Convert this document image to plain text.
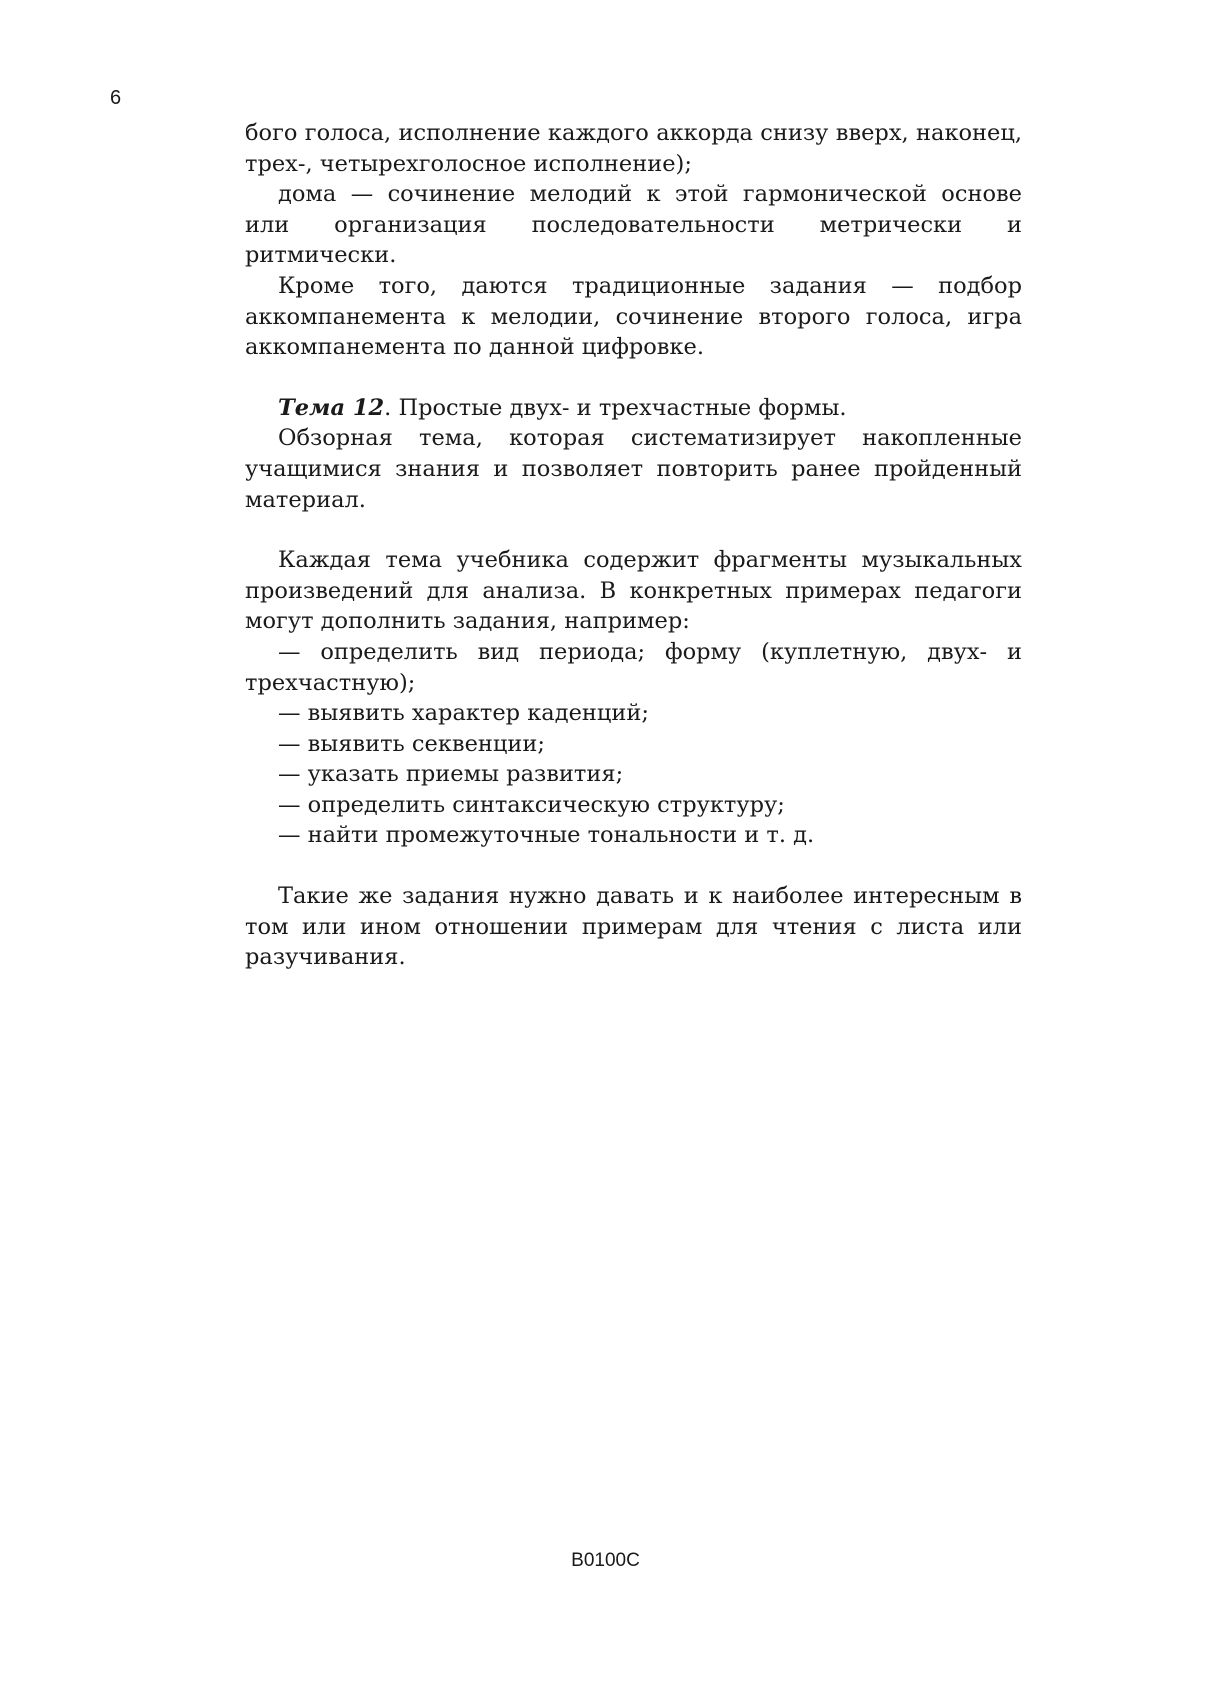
6

бого голоса, исполнение каждого аккорда снизу вверх, наконец, трех-, четырехголосное исполнение);

дома — сочинение мелодий к этой гармонической основе или организация последовательности метрически и ритмически.

Кроме того, даются традиционные задания — подбор аккомпанемента к мелодии, сочинение второго голоса, игра аккомпанемента по данной цифровке.

Тема 12. Простые двух- и трехчастные формы.

Обзорная тема, которая систематизирует накопленные учащимися знания и позволяет повторить ранее пройденный материал.

Каждая тема учебника содержит фрагменты музыкальных произведений для анализа. В конкретных примерах педагоги могут дополнить задания, например:

— определить вид периода; форму (куплетную, двух- и трехчастную);

— выявить характер каденций;

— выявить секвенции;

— указать приемы развития;

— определить синтаксическую структуру;

— найти промежуточные тональности и т. д.

Такие же задания нужно давать и к наиболее интересным в том или ином отношении примерам для чтения с листа или разучивания.

В0100С
